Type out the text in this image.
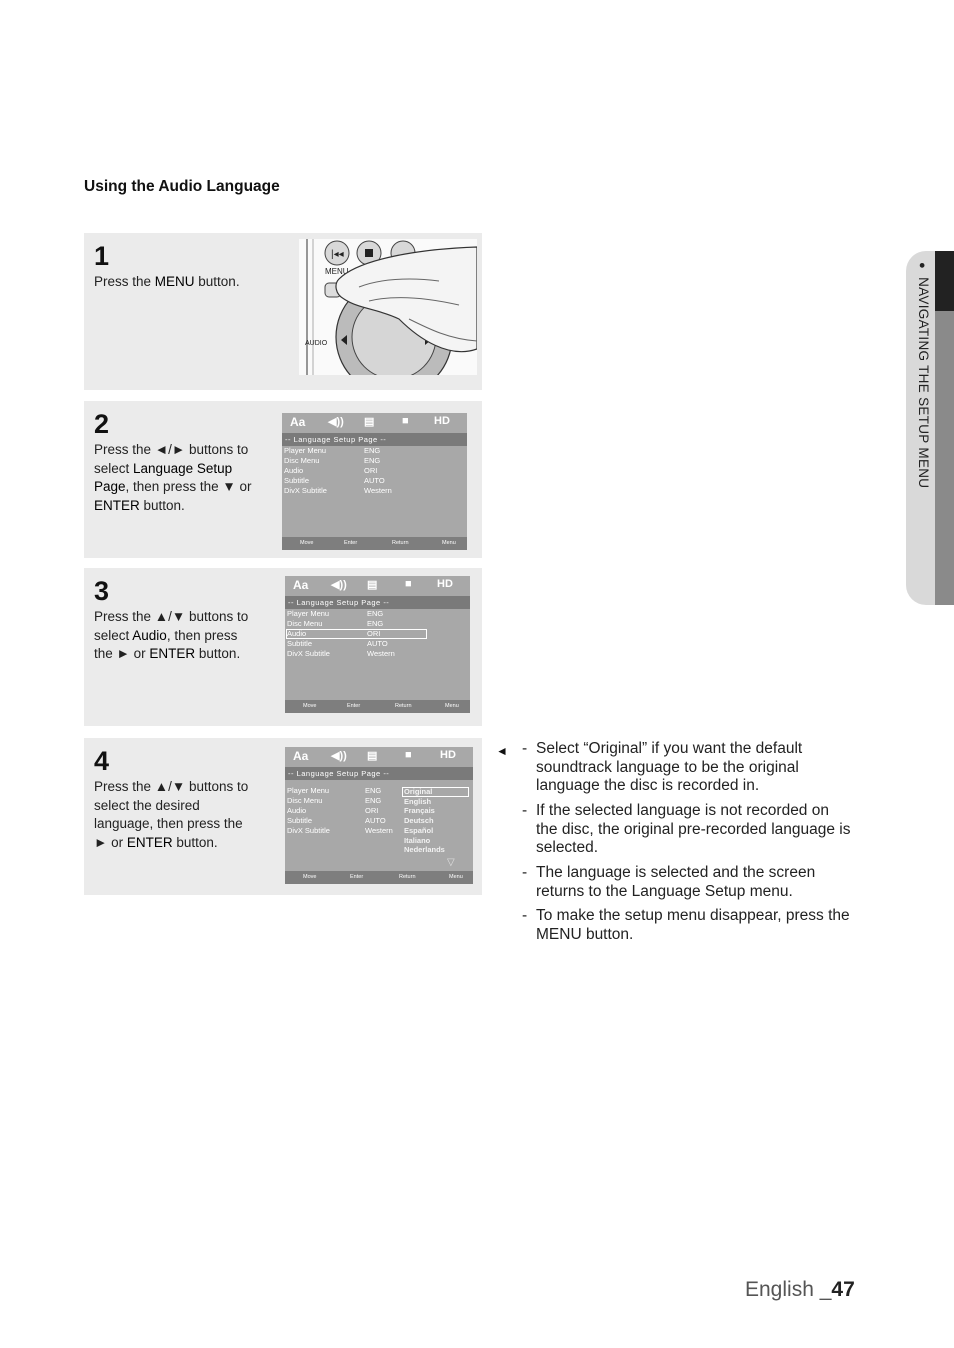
Using the Audio Language
1
Press the MENU button.
|◂◂
MENU
AUDIO
2
Press the ◄/► buttons to select Language Setup Page, then press the ▼ or ENTER button.
Aa ◀)) ▤	■ HD
-- Language Setup Page --
Player Menu	ENG
Disc Menu	ENG
Audio	ORI
Subtitle	AUTO
DivX Subtitle	Western
Move	Enter	Return	Menu
3
Press the ▲/▼ buttons to select Audio, then press the ► or ENTER button.
Aa ◀)) ▤	■ HD
-- Language Setup Page --
Player Menu	ENG
Disc Menu	ENG
Audio	ORI
Subtitle	AUTO
DivX Subtitle	Western
Move	Enter	Return	Menu
4
Press the ▲/▼ buttons to select the desired language, then press the ► or ENTER button.
Aa ◀)) ▤	■	HD
-- Language Setup Page --
Player Menu	ENG
Disc Menu	ENG
Audio	ORI
Subtitle	AUTO
DivX Subtitle	Western
Original
English
Français
Deutsch
Español
Italiano
Nederlands
▽
Move	Enter	Return	Menu
◄ - Select “Original” if you want the default soundtrack language to be the original language the disc is recorded in.
- If the selected language is not recorded on the disc, the original pre-recorded language is selected.
- The language is selected and the screen returns to the Language Setup menu.
- To make the setup menu disappear, press the MENU button.
●  NAVIGATING THE SETUP MENU
English _47
